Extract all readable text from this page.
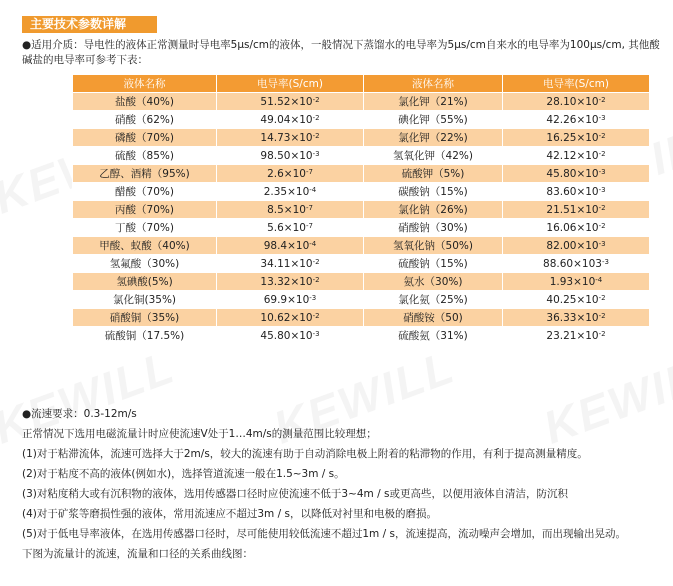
主要技术参数详解
●适用介质：导电性的液体正常测量时导电率5μs/cm的液体，一般情况下蒸馏水的电导率为5μs/cm自来水的电导率为100μs/cm, 其他酸碱盐的电导率可参考下表：
液体名称	电导率(S/cm)	液体名称	电导率(S/cm)
盐酸（40%)	$51.52\times 10^{-2}$	氯化钾（21%)	$28.10\times 10^{-2}$
硝酸（62%)	$49.04\times 10^{-2}$	碘化钾（55%)	$42.26\times 10^{-3}$
磷酸（70%)	$14.73\times 10^{-2}$	氯化钾（22%)	$16.25\times 10^{-2}$
硫酸（85%)	$98.50\times 10^{-3}$	氢氧化钾（42%)	$42.12\times 10^{-2}$
乙醇、酒精（95%)	$2.6\times 10^{-7}$	硫酸钾（5%)	$45.80\times 10^{-3}$
醋酸（70%)	$2.35\times 10^{-4}$	碳酸钠（15%)	$83.60\times 10^{-3}$
丙酸（70%)	$8.5\times 10^{-7}$	氯化钠（26%)	$21.51\times 10^{-2}$
丁酸（70%)	$5.6\times 10^{-7}$	硝酸钠（30%)	$16.06\times 10^{-2}$
甲酸、蚁酸（40%)	$98.4\times 10^{-4}$	氢氧化钠（50%)	$82.00\times 10^{-3}$
氢氟酸（30%)	$34.11\times 10^{-2}$	硫酸钠（15%)	$88.60\times 103^{-3}$
氢碘酸(5%)	$13.32\times 10^{-2}$	氨水（30%)	$1.93\times 10^{-4}$
氯化铜(35%)	$69.9\times 10^{-3}$	氯化氨（25%)	$40.25\times 10^{-2}$
硝酸铜（35%)	$10.62\times 10^{-2}$	硝酸铵（50)	$36.33\times 10^{-2}$
硫酸铜（17.5%)	$45.80\times 10^{-3}$	硫酸氨（31%)	$23.21\times 10^{-2}$

●流速要求：0.3-12m/s

正常情况下选用电磁流量计时应使流速V处于1…4m/s的测量范围比较理想；

(1)对于粘滞流体，流速可选择大于2m/s，较大的流速有助于自动消除电极上附着的粘滞物的作用，有利于提高测量精度。

(2)对于粘度不高的液体(例如水)，选择管道流速一般在1.5~3m / s。

(3)对粘度稍大或有沉积物的液体，选用传感器口径时应使流速不低于3~4m / s或更高些，以便用液体自清洁，防沉积

(4)对于矿浆等磨损性强的液体，常用流速应不超过3m / s，以降低对衬里和电极的磨损。

(5)对于低电导率液体，在选用传感器口径时，尽可能使用较低流速不超过1m / s，流速提高，流动噪声会增加，而出现输出晃动。

下图为流量计的流速，流量和口径的关系曲线图：
